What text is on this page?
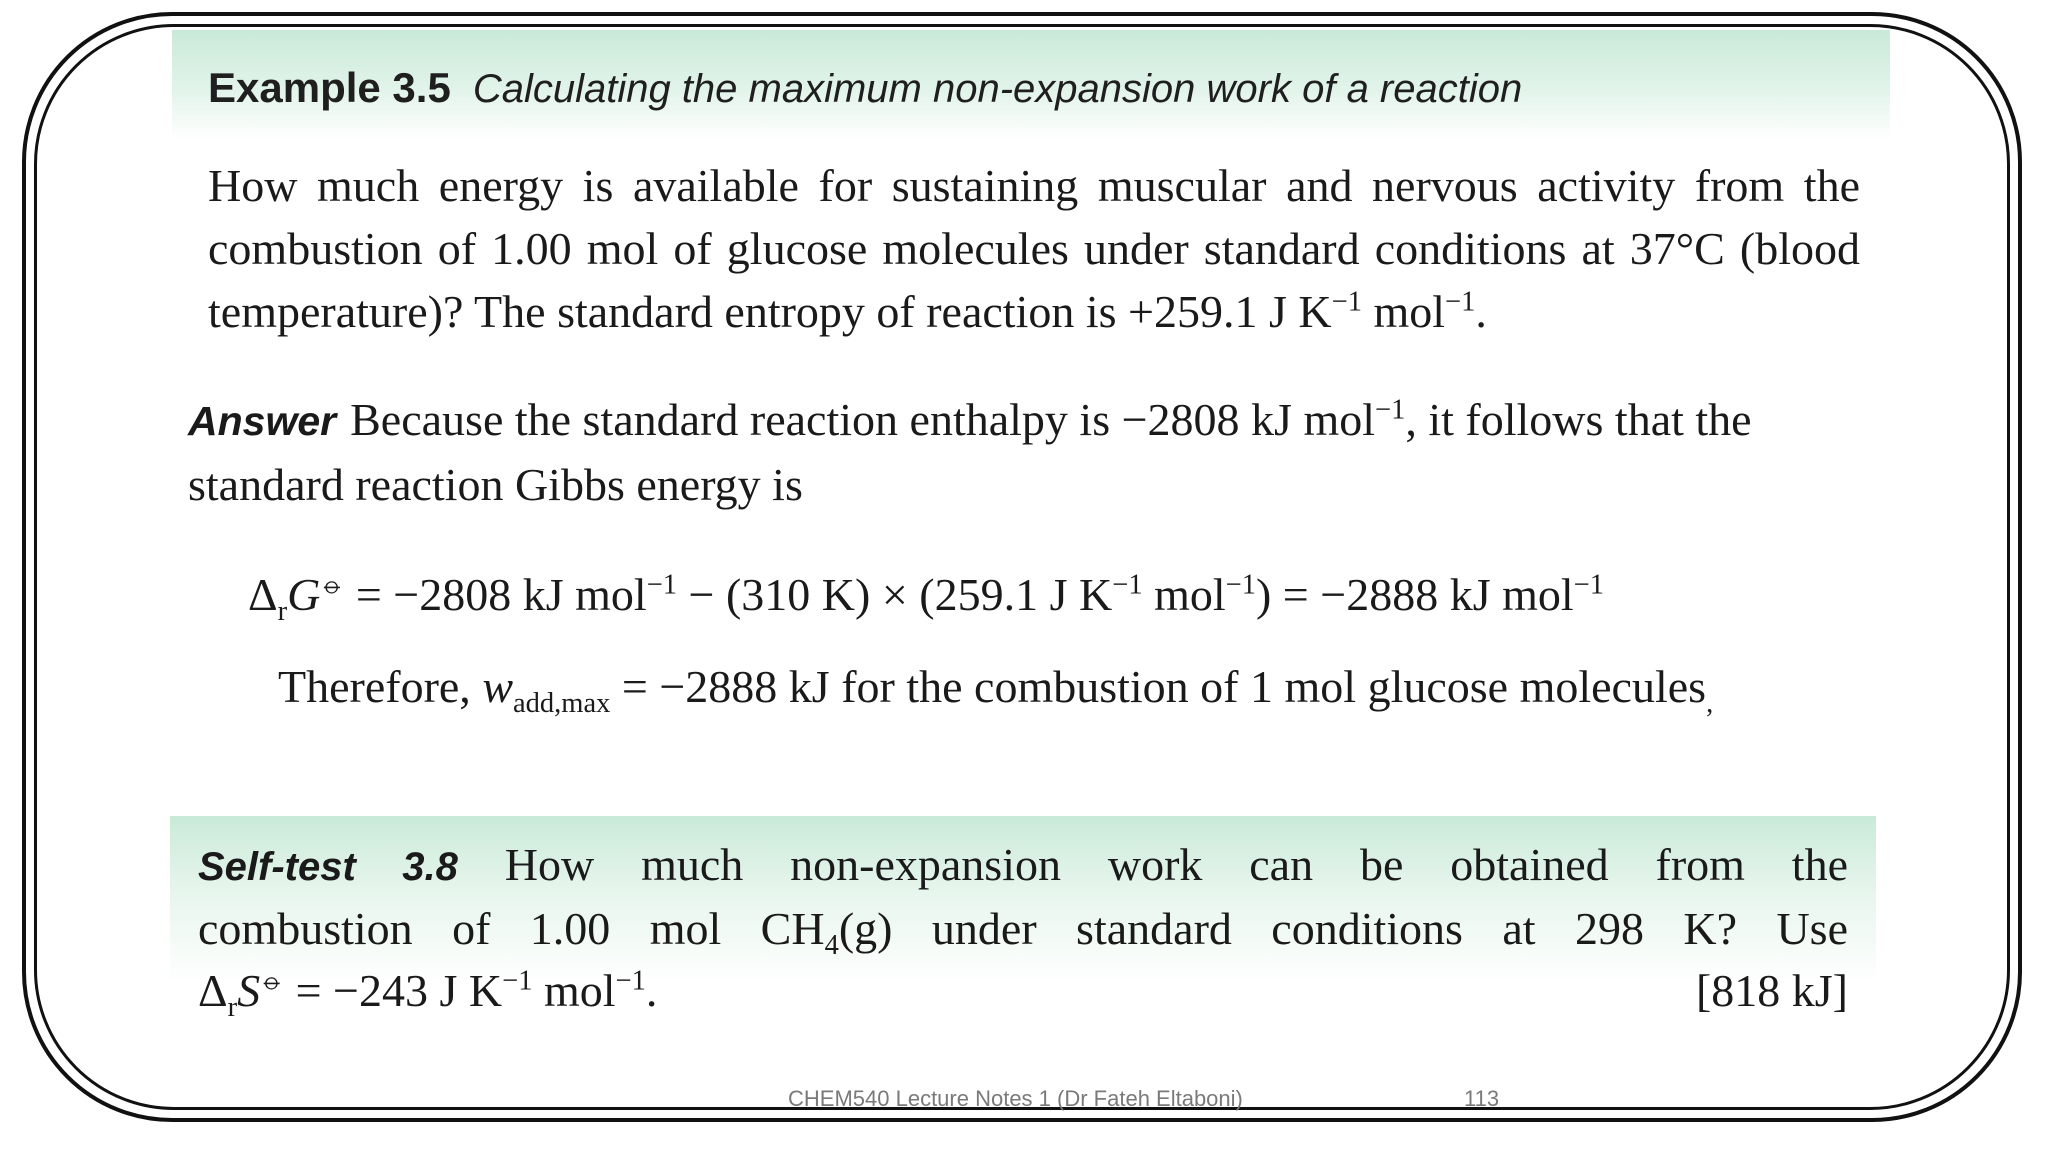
Example 3.5 Calculating the maximum non-expansion work of a reaction
How much energy is available for sustaining muscular and nervous activity from the combustion of 1.00 mol of glucose molecules under standard conditions at 37°C (blood temperature)? The standard entropy of reaction is +259.1 J $K^{-1}$ mol$^{-1}$.
Answer Because the standard reaction enthalpy is −2808 kJ mol$^{-1}$, it follows that the standard reaction Gibbs energy is
$\Delta_rG^⦵ = -2808$ kJ mol$^{-1}$ − (310 K) × (259.1 J $K^{-1}$ mol$^{-1}$) = −2888 kJ mol$^{-1}$
Therefore, $w_{add,max} = -2888$ kJ for the combustion of 1 mol glucose molecules$_,$
Self-test 3.8 How much non-expansion work can be obtained from the
combustion of 1.00 mol $CH_4(g)$ under standard conditions at 298 K? Use
$\Delta_rS^⦵ = -243$ J $K^{-1}$ mol$^{-1}$.	[818 kJ]
CHEM540 Lecture Notes 1 (Dr Fateh Eltaboni)	113
